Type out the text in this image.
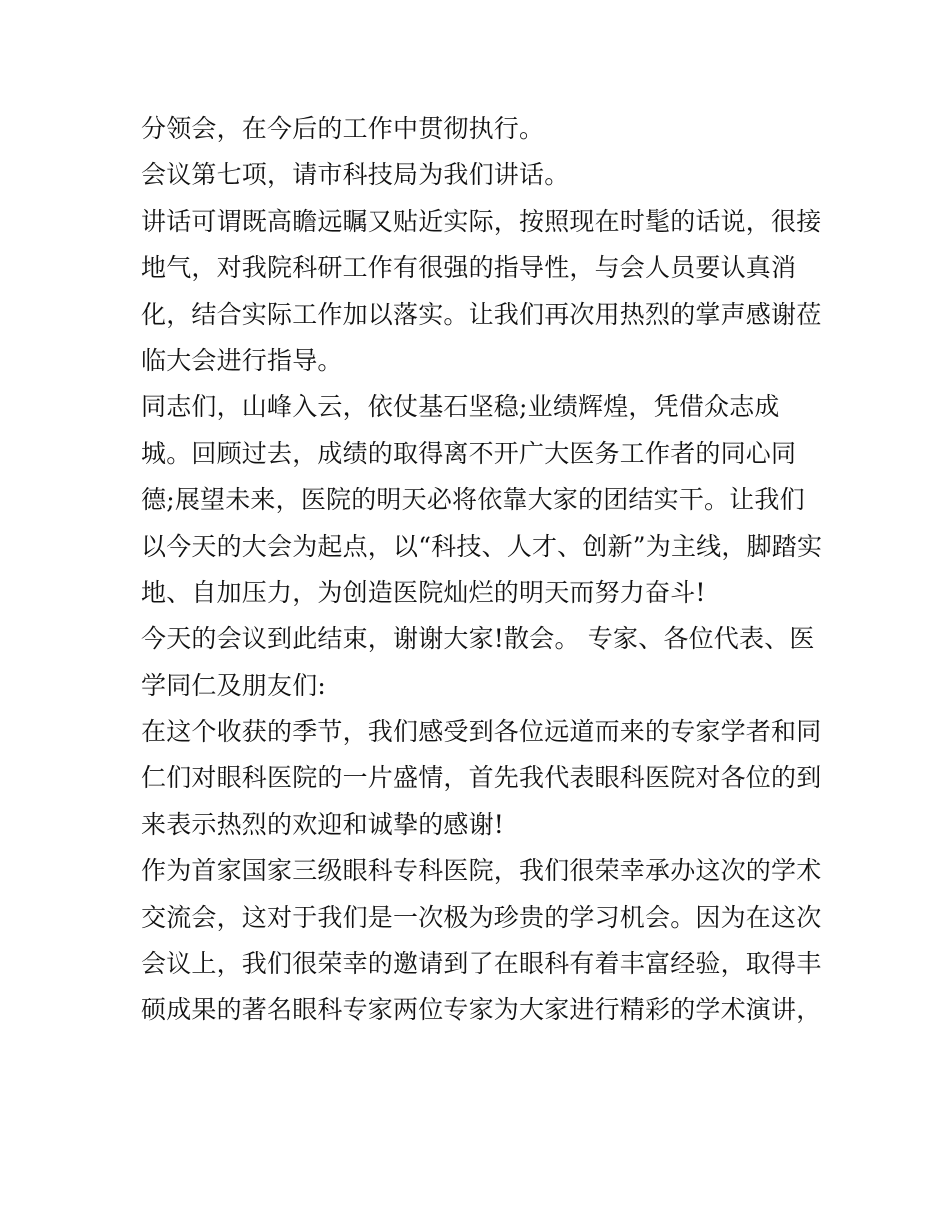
分领会，在今后的工作中贯彻执行。
会议第七项，请市科技局为我们讲话。
讲话可谓既高瞻远瞩又贴近实际，按照现在时髦的话说，很接
地气，对我院科研工作有很强的指导性，与会人员要认真消
化，结合实际工作加以落实。让我们再次用热烈的掌声感谢莅
临大会进行指导。
同志们，山峰入云，依仗基石坚稳;业绩辉煌，凭借众志成
城。回顾过去，成绩的取得离不开广大医务工作者的同心同
德;展望未来，医院的明天必将依靠大家的团结实干。让我们
以今天的大会为起点，以“科技、人才、创新”为主线，脚踏实
地、自加压力，为创造医院灿烂的明天而努力奋斗!
今天的会议到此结束，谢谢大家!散会。 专家、各位代表、医
学同仁及朋友们:
在这个收获的季节，我们感受到各位远道而来的专家学者和同
仁们对眼科医院的一片盛情，首先我代表眼科医院对各位的到
来表示热烈的欢迎和诚挚的感谢!
作为首家国家三级眼科专科医院，我们很荣幸承办这次的学术
交流会，这对于我们是一次极为珍贵的学习机会。因为在这次
会议上，我们很荣幸的邀请到了在眼科有着丰富经验，取得丰
硕成果的著名眼科专家两位专家为大家进行精彩的学术演讲，
